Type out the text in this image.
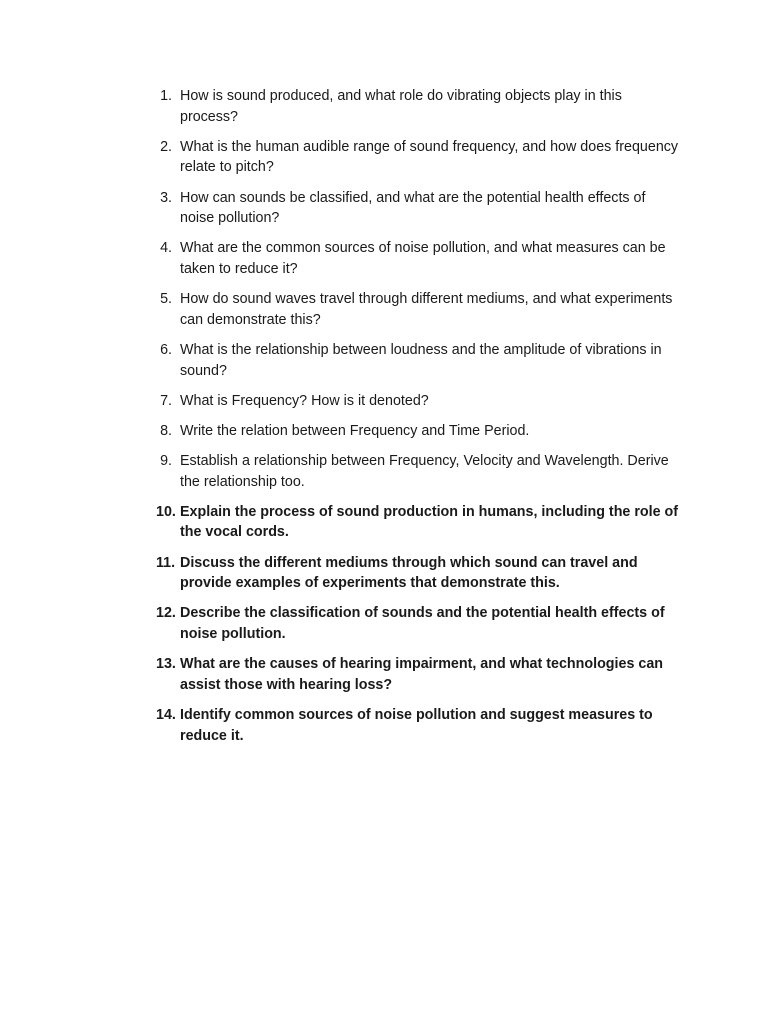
1. How is sound produced, and what role do vibrating objects play in this process?
2. What is the human audible range of sound frequency, and how does frequency relate to pitch?
3. How can sounds be classified, and what are the potential health effects of noise pollution?
4. What are the common sources of noise pollution, and what measures can be taken to reduce it?
5. How do sound waves travel through different mediums, and what experiments can demonstrate this?
6. What is the relationship between loudness and the amplitude of vibrations in sound?
7. What is Frequency? How is it denoted?
8. Write the relation between Frequency and Time Period.
9. Establish a relationship between Frequency, Velocity and Wavelength. Derive the relationship too.
10. Explain the process of sound production in humans, including the role of the vocal cords.
11. Discuss the different mediums through which sound can travel and provide examples of experiments that demonstrate this.
12. Describe the classification of sounds and the potential health effects of noise pollution.
13. What are the causes of hearing impairment, and what technologies can assist those with hearing loss?
14. Identify common sources of noise pollution and suggest measures to reduce it.
